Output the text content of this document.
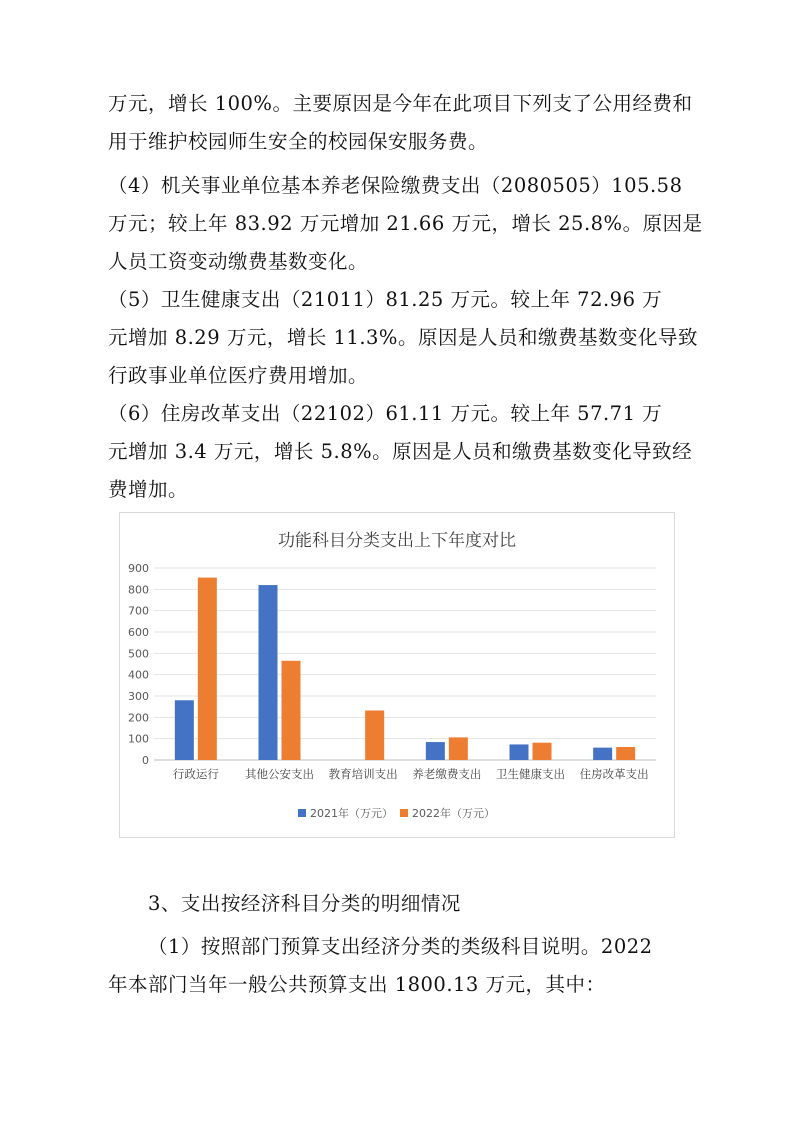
万元，增长 100%。主要原因是今年在此项目下列支了公用经费和

用于维护校园师生安全的校园保安服务费。

（4）机关事业单位基本养老保险缴费支出（2080505）105.58

万元；较上年 83.92 万元增加 21.66 万元，增长 25.8%。原因是

人员工资变动缴费基数变化。

（5）卫生健康支出（21011）81.25 万元。较上年 72.96 万

元增加 8.29 万元，增长 11.3%。原因是人员和缴费基数变化导致

行政事业单位医疗费用增加。

（6）住房改革支出（22102）61.11 万元。较上年 57.71 万

元增加 3.4 万元，增长 5.8%。原因是人员和缴费基数变化导致经

费增加。

功能科目分类支出上下年度对比
0
100
200
300
400
500
600
700
800
900
行政运行 其他公安支出 教育培训支出 养老缴费支出 卫生健康支出 住房改革支出
2021年（万元） 2022年（万元）

3、支出按经济科目分类的明细情况

（1）按照部门预算支出经济分类的类级科目说明。2022

年本部门当年一般公共预算支出 1800.13 万元，其中：
